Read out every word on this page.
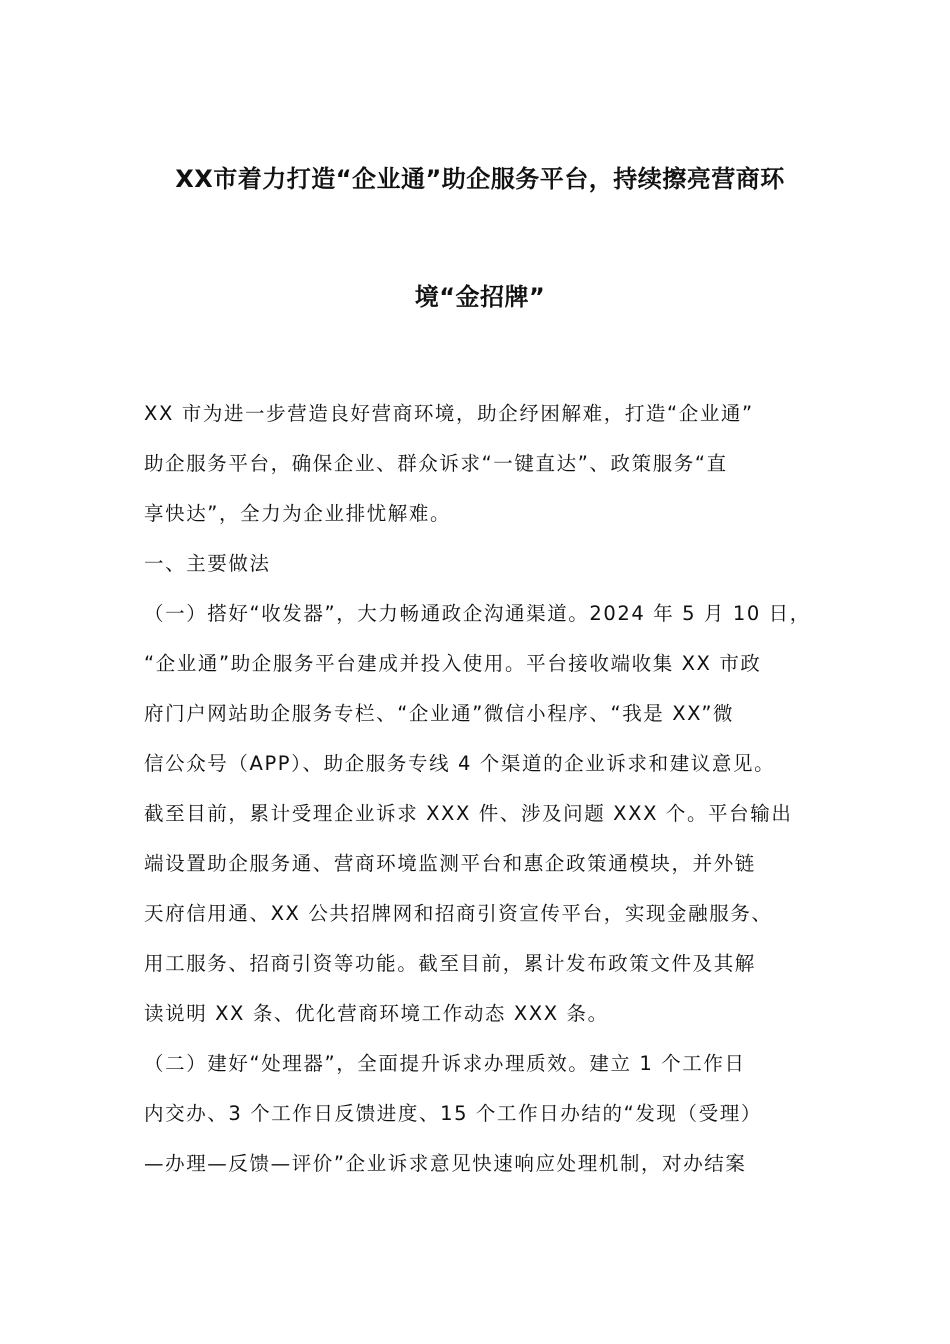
XX市着力打造“企业通”助企服务平台，持续擦亮营商环
境“金招牌”
XX 市为进一步营造良好营商环境，助企纾困解难，打造“企业通”
助企服务平台，确保企业、群众诉求“一键直达”、政策服务“直
享快达”，全力为企业排忧解难。
一、主要做法
（一）搭好“收发器”，大力畅通政企沟通渠道。2024 年 5 月 10 日，
“企业通”助企服务平台建成并投入使用。平台接收端收集 XX 市政
府门户网站助企服务专栏、“企业通”微信小程序、“我是 XX”微
信公众号（APP）、助企服务专线 4 个渠道的企业诉求和建议意见。
截至目前，累计受理企业诉求 XXX 件、涉及问题 XXX 个。平台输出
端设置助企服务通、营商环境监测平台和惠企政策通模块，并外链
天府信用通、XX 公共招牌网和招商引资宣传平台，实现金融服务、
用工服务、招商引资等功能。截至目前，累计发布政策文件及其解
读说明 XX 条、优化营商环境工作动态 XXX 条。
（二）建好“处理器”，全面提升诉求办理质效。建立 1 个工作日
内交办、3 个工作日反馈进度、15 个工作日办结的“发现（受理）
—办理—反馈—评价”企业诉求意见快速响应处理机制，对办结案
